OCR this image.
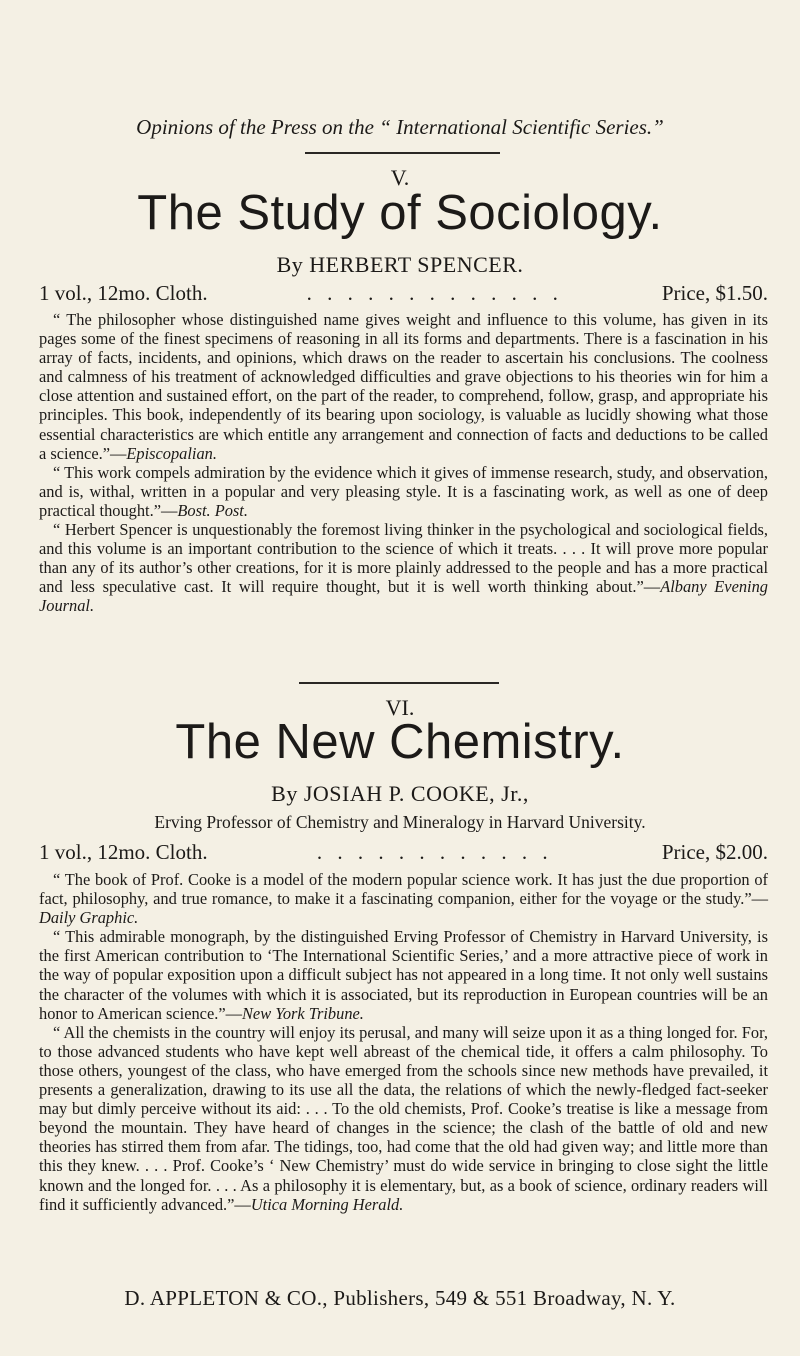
Opinions of the Press on the “ International Scientific Series.”
V.
The Study of Sociology.
By HERBERT SPENCER.
1 vol., 12mo. Cloth.	. . . . . . . . . . . . .	Price, $1.50.

“ The philosopher whose distinguished name gives weight and influence to this volume, has given in its pages some of the finest specimens of reasoning in all its forms and departments. There is a fascination in his array of facts, incidents, and opinions, which draws on the reader to ascertain his conclusions. The coolness and calmness of his treatment of acknowledged difficulties and grave objections to his theories win for him a close attention and sustained effort, on the part of the reader, to comprehend, follow, grasp, and appropriate his principles. This book, independently of its bearing upon sociology, is valuable as lucidly showing what those essential characteristics are which entitle any arrangement and connection of facts and deductions to be called a science.”—Episcopalian.

“ This work compels admiration by the evidence which it gives of immense research, study, and observation, and is, withal, written in a popular and very pleasing style. It is a fascinating work, as well as one of deep practical thought.”—Bost. Post.

“ Herbert Spencer is unquestionably the foremost living thinker in the psychological and sociological fields, and this volume is an important contribution to the science of which it treats. . . . It will prove more popular than any of its author’s other creations, for it is more plainly addressed to the people and has a more practical and less speculative cast. It will require thought, but it is well worth thinking about.”—Albany Evening Journal.

VI.
The New Chemistry.
By JOSIAH P. COOKE, Jr.,
Erving Professor of Chemistry and Mineralogy in Harvard University.
1 vol., 12mo. Cloth.	. . . . . . . . . . . .	Price, $2.00.

“ The book of Prof. Cooke is a model of the modern popular science work. It has just the due proportion of fact, philosophy, and true romance, to make it a fascinating companion, either for the voyage or the study.”—Daily Graphic.

“ This admirable monograph, by the distinguished Erving Professor of Chemistry in Harvard University, is the first American contribution to ‘The International Scientific Series,’ and a more attractive piece of work in the way of popular exposition upon a difficult subject has not appeared in a long time. It not only well sustains the character of the volumes with which it is associated, but its reproduction in European countries will be an honor to American science.”—New York Tribune.

“ All the chemists in the country will enjoy its perusal, and many will seize upon it as a thing longed for. For, to those advanced students who have kept well abreast of the chemical tide, it offers a calm philosophy. To those others, youngest of the class, who have emerged from the schools since new methods have prevailed, it presents a generalization, drawing to its use all the data, the relations of which the newly-fledged fact-seeker may but dimly perceive without its aid: . . . To the old chemists, Prof. Cooke’s treatise is like a message from beyond the mountain. They have heard of changes in the science; the clash of the battle of old and new theories has stirred them from afar. The tidings, too, had come that the old had given way; and little more than this they knew. . . . Prof. Cooke’s ‘ New Chemistry’ must do wide service in bringing to close sight the little known and the longed for. . . . As a philosophy it is elementary, but, as a book of science, ordinary readers will find it sufficiently advanced.”—Utica Morning Herald.

D. APPLETON & CO., Publishers, 549 & 551 Broadway, N. Y.
